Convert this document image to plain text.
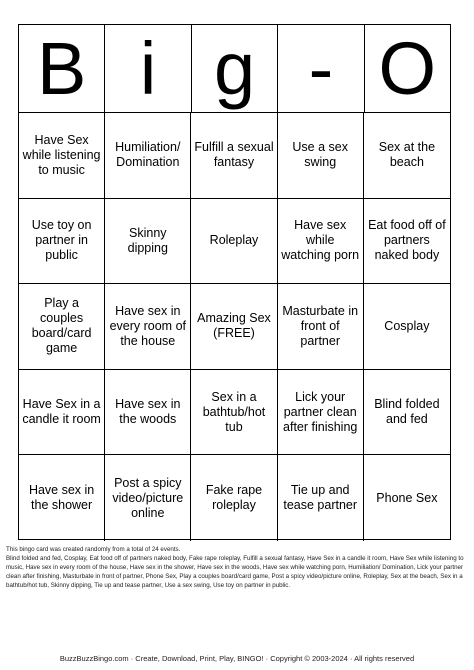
B i g - O
Have Sex while listening to music
Humiliation/ Domination
Fulfill a sexual fantasy
Use a sex swing
Sex at the beach
Use toy on partner in public
Skinny dipping
Roleplay
Have sex while watching porn
Eat food off of partners naked body
Play a couples board/card game
Have sex in every room of the house
Amazing Sex (FREE)
Masturbate in front of partner
Cosplay
Have Sex in a candle it room
Have sex in the woods
Sex in a bathtub/hot tub
Lick your partner clean after finishing
Blind folded and fed
Have sex in the shower
Post a spicy video/picture online
Fake rape roleplay
Tie up and tease partner
Phone Sex

This bingo card was created randomly from a total of 24 events.

Blind folded and fed, Cosplay, Eat food off of partners naked body, Fake rape roleplay, Fulfill a sexual fantasy, Have Sex in a candle it room, Have Sex while listening to music, Have sex in every room of the house, Have sex in the shower, Have sex in the woods, Have sex while watching porn, Humiliation/ Domination, Lick your partner clean after finishing, Masturbate in front of partner, Phone Sex, Play a couples board/card game, Post a spicy video/picture online, Roleplay, Sex at the beach, Sex in a bathtub/hot tub, Skinny dipping, Tie up and tease partner, Use a sex swing, Use toy on partner in public.

BuzzBuzzBingo.com · Create, Download, Print, Play, BINGO! · Copyright © 2003-2024 · All rights reserved
